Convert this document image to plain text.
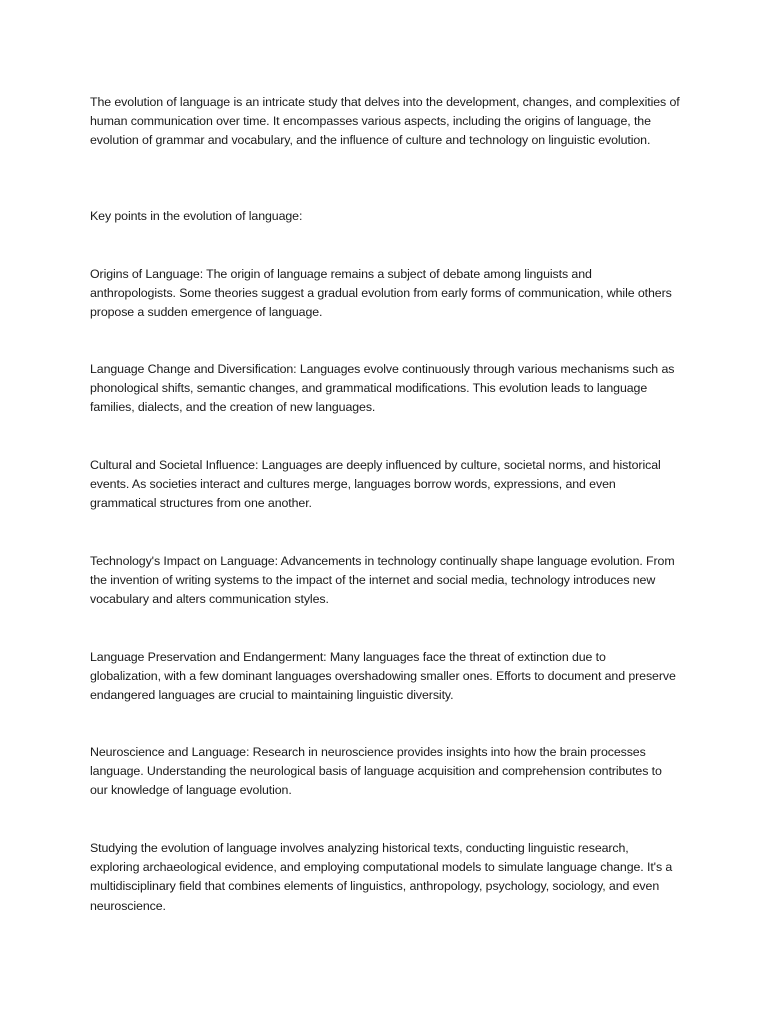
The evolution of language is an intricate study that delves into the development, changes, and complexities of human communication over time. It encompasses various aspects, including the origins of language, the evolution of grammar and vocabulary, and the influence of culture and technology on linguistic evolution.

Key points in the evolution of language:

Origins of Language: The origin of language remains a subject of debate among linguists and anthropologists. Some theories suggest a gradual evolution from early forms of communication, while others propose a sudden emergence of language.

Language Change and Diversification: Languages evolve continuously through various mechanisms such as phonological shifts, semantic changes, and grammatical modifications. This evolution leads to language families, dialects, and the creation of new languages.

Cultural and Societal Influence: Languages are deeply influenced by culture, societal norms, and historical events. As societies interact and cultures merge, languages borrow words, expressions, and even grammatical structures from one another.

Technology's Impact on Language: Advancements in technology continually shape language evolution. From the invention of writing systems to the impact of the internet and social media, technology introduces new vocabulary and alters communication styles.

Language Preservation and Endangerment: Many languages face the threat of extinction due to globalization, with a few dominant languages overshadowing smaller ones. Efforts to document and preserve endangered languages are crucial to maintaining linguistic diversity.

Neuroscience and Language: Research in neuroscience provides insights into how the brain processes language. Understanding the neurological basis of language acquisition and comprehension contributes to our knowledge of language evolution.

Studying the evolution of language involves analyzing historical texts, conducting linguistic research, exploring archaeological evidence, and employing computational models to simulate language change. It's a multidisciplinary field that combines elements of linguistics, anthropology, psychology, sociology, and even neuroscience.
